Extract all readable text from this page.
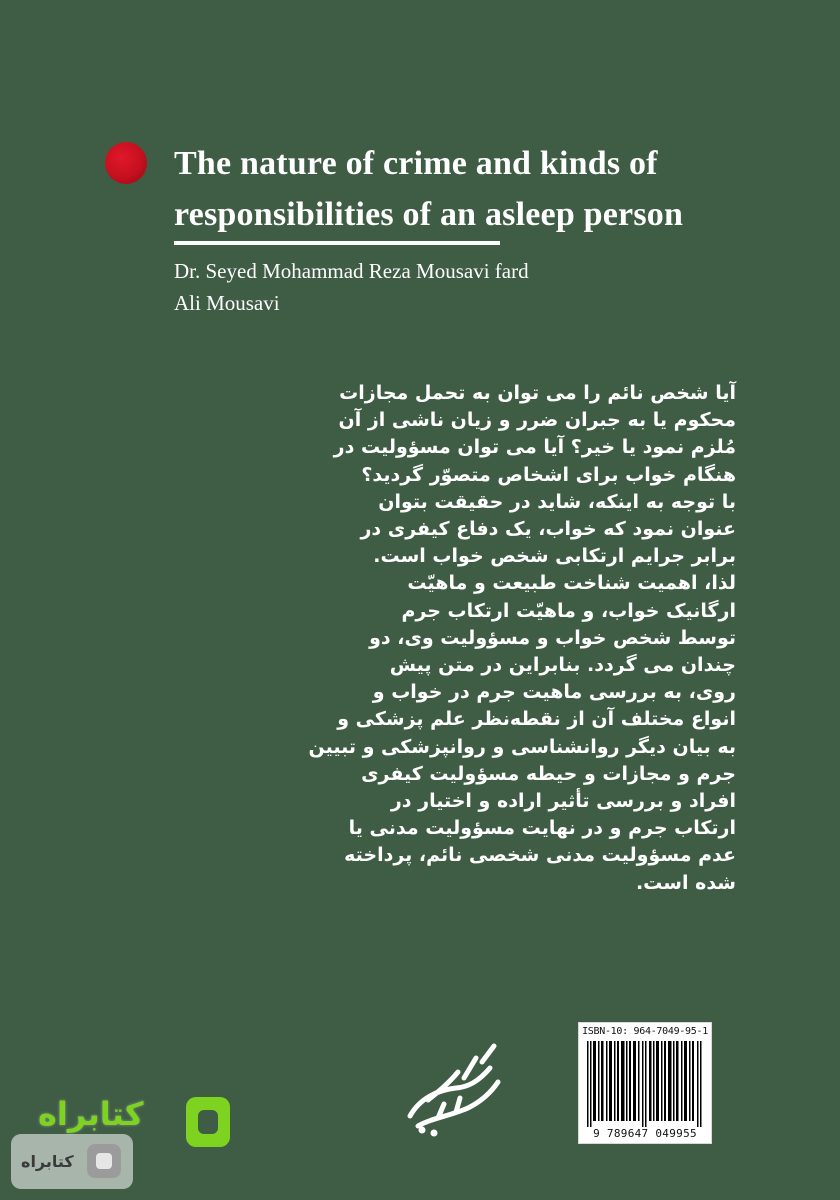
The nature of crime and kinds of
responsibilities of an asleep person
Dr. Seyed Mohammad Reza Mousavi fard
Ali Mousavi
آیا شخص نائم را می توان به تحمل مجازات
محکوم یا به جبران ضرر و زیان ناشی از آن
مُلزم نمود یا خیر؟ آیا می توان مسؤولیت در
هنگام خواب برای اشخاص متصوّر گردید؟
با توجه به اینکه، شاید در حقیقت بتوان
عنوان نمود که خواب، یک دفاع کیفری در
برابر جرایم ارتکابی شخص خواب است.
لذا، اهمیت شناخت طبیعت و ماهیّت
ارگانیک خواب، و ماهیّت ارتکاب جرم
توسط شخص خواب و مسؤولیت وی، دو
چندان می گردد. بنابراین در متن پیش
روی، به بررسی ماهیت جرم در خواب و
انواع مختلف آن از نقطه‌نظر علم پزشکی و
به بیان دیگر روانشناسی و روانپزشکی و تبیین
جرم و مجازات و حیطه مسؤولیت کیفری
افراد و بررسی تأثیر اراده و اختیار در
ارتکاب جرم و در نهایت مسؤولیت مدنی یا
عدم مسؤولیت مدنی شخصی نائم، پرداخته
شده است.
ISBN-10: 964-7049-95-1
9 789647 049955
کتابراه
کتابراه
